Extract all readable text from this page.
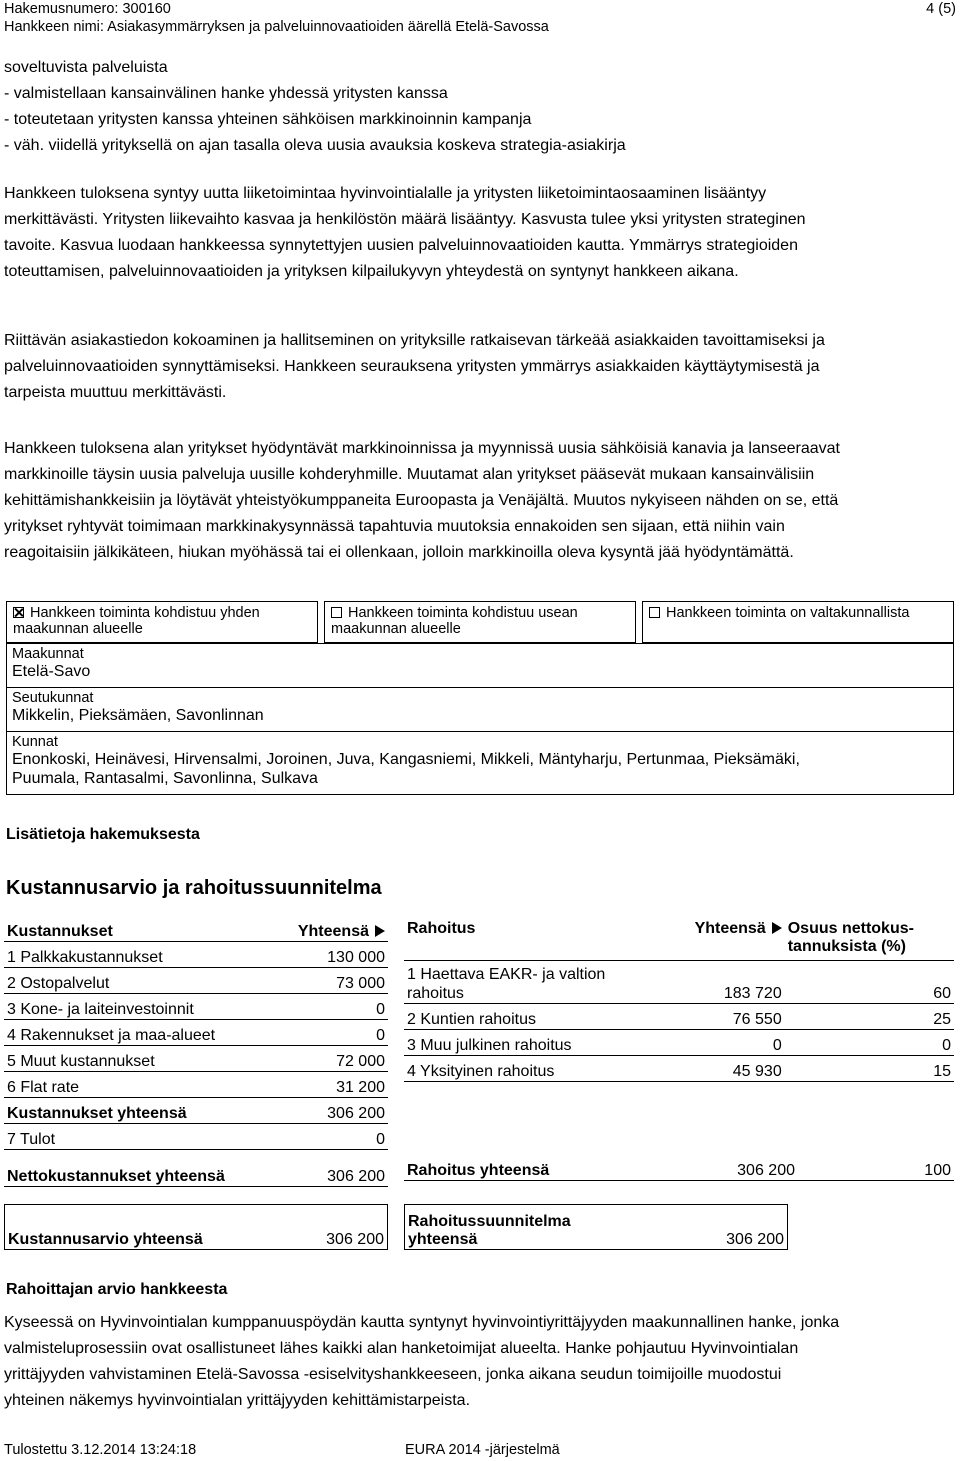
Hakemusnumero: 300160
Hankkeen nimi: Asiakasymmärryksen ja palveluinnovaatioiden äärellä Etelä-Savossa
4 (5)
soveltuvista palveluista
- valmistellaan kansainvälinen hanke yhdessä yritysten kanssa
- toteutetaan yritysten kanssa yhteinen sähköisen markkinoinnin kampanja
- väh. viidellä yrityksellä on ajan tasalla oleva uusia avauksia koskeva strategia-asiakirja
Hankkeen tuloksena syntyy uutta liiketoimintaa hyvinvointialalle ja yritysten liiketoimintaosaaminen lisääntyy
merkittävästi. Yritysten liikevaihto kasvaa ja henkilöstön määrä lisääntyy. Kasvusta tulee yksi yritysten strateginen
tavoite. Kasvua luodaan hankkeessa synnytettyjen uusien palveluinnovaatioiden kautta. Ymmärrys strategioiden
toteuttamisen, palveluinnovaatioiden ja yrityksen kilpailukyvyn yhteydestä on syntynyt hankkeen aikana.
Riittävän asiakastiedon kokoaminen ja hallitseminen on yrityksille ratkaisevan tärkeää asiakkaiden tavoittamiseksi ja
palveluinnovaatioiden synnyttämiseksi. Hankkeen seurauksena yritysten ymmärrys asiakkaiden käyttäytymisestä ja
tarpeista muuttuu merkittävästi.
Hankkeen tuloksena alan yritykset hyödyntävät markkinoinnissa ja myynnissä uusia sähköisiä kanavia ja lanseeraavat
markkinoille täysin uusia palveluja uusille kohderyhmille. Muutamat alan yritykset pääsevät mukaan kansainvälisiin
kehittämishankkeisiin ja löytävät yhteistyökumppaneita Euroopasta ja Venäjältä. Muutos nykyiseen nähden on se, että
yritykset ryhtyvät toimimaan markkinakysynnässä tapahtuvia muutoksia ennakoiden sen sijaan, että niihin vain
reagoitaisiin jälkikäteen, hiukan myöhässä tai ei ollenkaan, jolloin markkinoilla oleva kysyntä jää hyödyntämättä.
Hankkeen toiminta kohdistuu yhden
maakunnan alueelle
Hankkeen toiminta kohdistuu usean
maakunnan alueelle
Hankkeen toiminta on valtakunnallista
Maakunnat
Etelä-Savo
Seutukunnat
Mikkelin, Pieksämäen, Savonlinnan
Kunnat
Enonkoski, Heinävesi, Hirvensalmi, Joroinen, Juva, Kangasniemi, Mikkeli, Mäntyharju, Pertunmaa, Pieksämäki,
Puumala, Rantasalmi, Savonlinna, Sulkava
Lisätietoja hakemuksesta
Kustannusarvio ja rahoitussuunnitelma
Kustannukset	Yhteensä
1 Palkkakustannukset	130 000
2 Ostopalvelut	73 000
3 Kone- ja laiteinvestoinnit	0
4 Rakennukset ja maa-alueet	0
5 Muut kustannukset	72 000
6 Flat rate	31 200
Kustannukset yhteensä	306 200
7 Tulot	0
Nettokustannukset yhteensä	306 200
Kustannusarvio yhteensä	306 200
Rahoitus	Yhteensä	Osuus nettokus-
tannuksista (%)
1 Haettava EAKR- ja valtion
rahoitus	183 720	60
2 Kuntien rahoitus	76 550	25
3 Muu julkinen rahoitus	0	0
4 Yksityinen rahoitus	45 930	15
Rahoitus yhteensä	306 200	100
Rahoitussuunnitelma
yhteensä	306 200
Rahoittajan arvio hankkeesta
Kyseessä on Hyvinvointialan kumppanuuspöydän kautta syntynyt hyvinvointiyrittäjyyden maakunnallinen hanke, jonka
valmisteluprosessiin ovat osallistuneet lähes kaikki alan hanketoimijat alueelta. Hanke pohjautuu Hyvinvointialan
yrittäjyyden vahvistaminen Etelä-Savossa -esiselvityshankkeeseen, jonka aikana seudun toimijoille muodostui
yhteinen näkemys hyvinvointialan yrittäjyyden kehittämistarpeista.
Tulostettu 3.12.2014 13:24:18	EURA 2014 -järjestelmä
